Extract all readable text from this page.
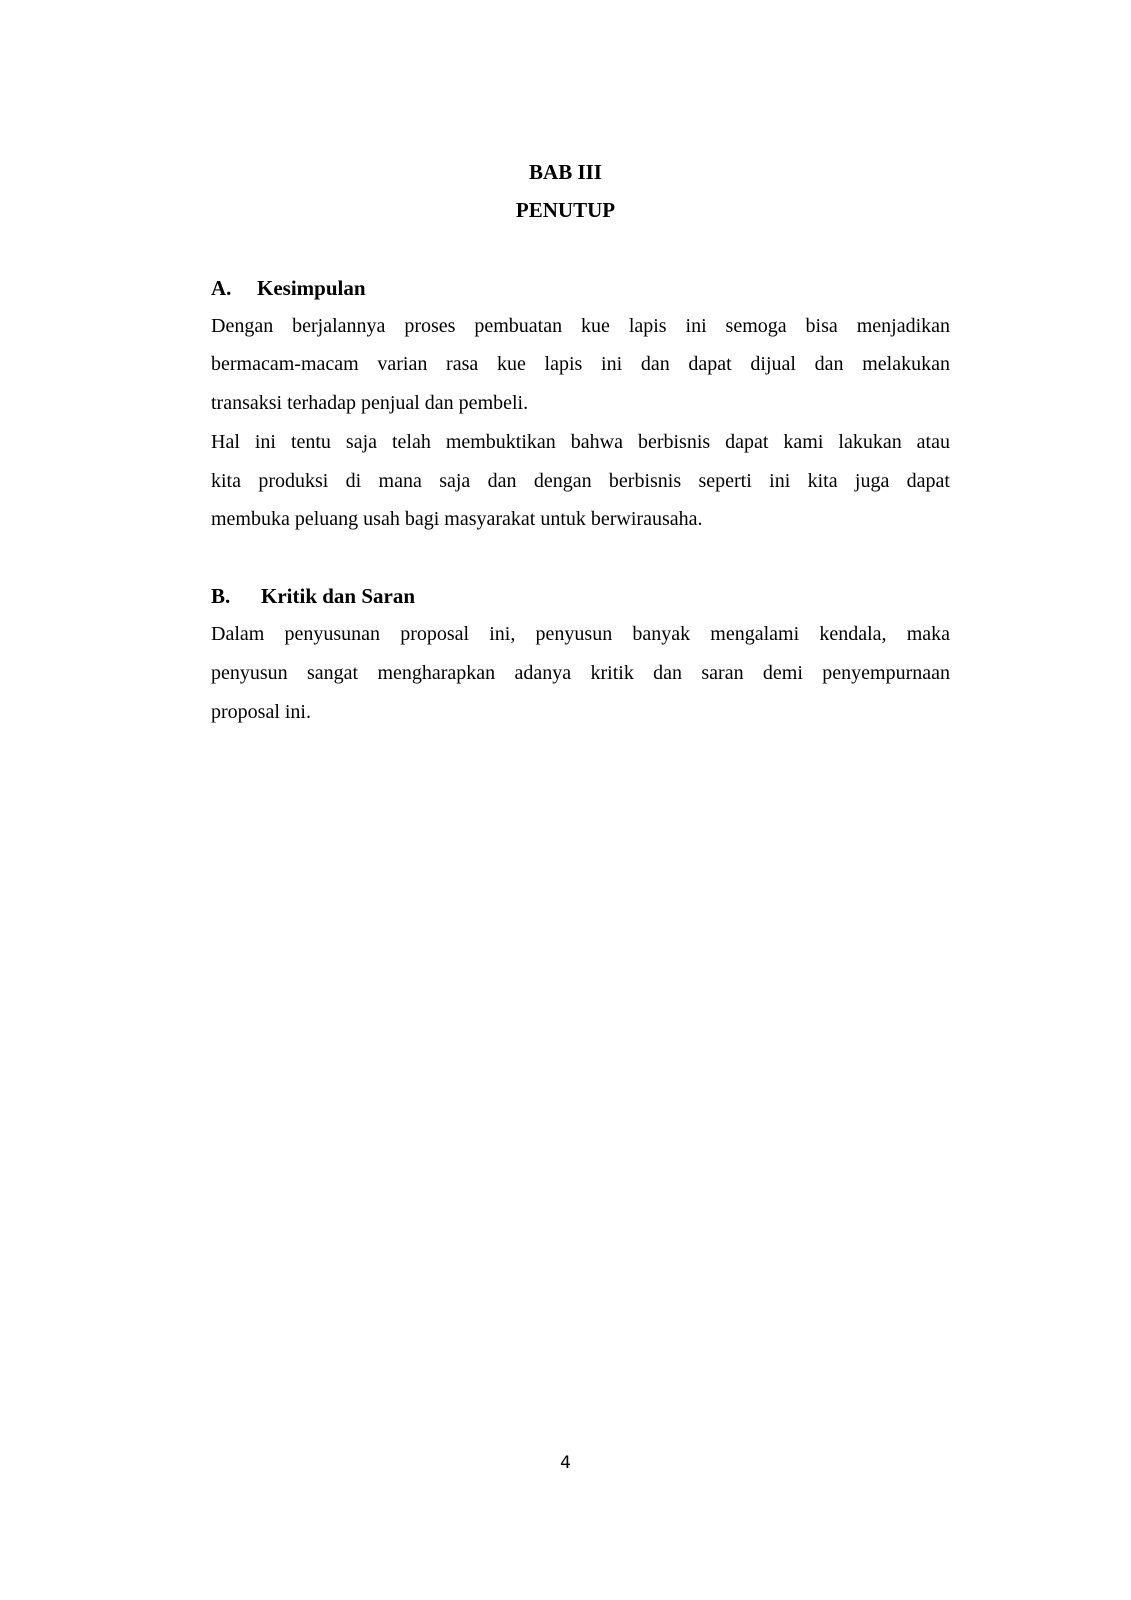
BAB III
PENUTUP
A. Kesimpulan
Dengan berjalannya proses pembuatan kue lapis ini semoga bisa menjadikan
bermacam-macam varian rasa kue lapis ini dan dapat dijual dan melakukan
transaksi terhadap penjual dan pembeli.
Hal ini tentu saja telah membuktikan bahwa berbisnis dapat kami lakukan atau
kita produksi di mana saja dan dengan berbisnis seperti ini kita juga dapat
membuka peluang usah bagi masyarakat untuk berwirausaha.
B. Kritik dan Saran
Dalam penyusunan proposal ini, penyusun banyak mengalami kendala, maka
penyusun sangat mengharapkan adanya kritik dan saran demi penyempurnaan
proposal ini.
4
